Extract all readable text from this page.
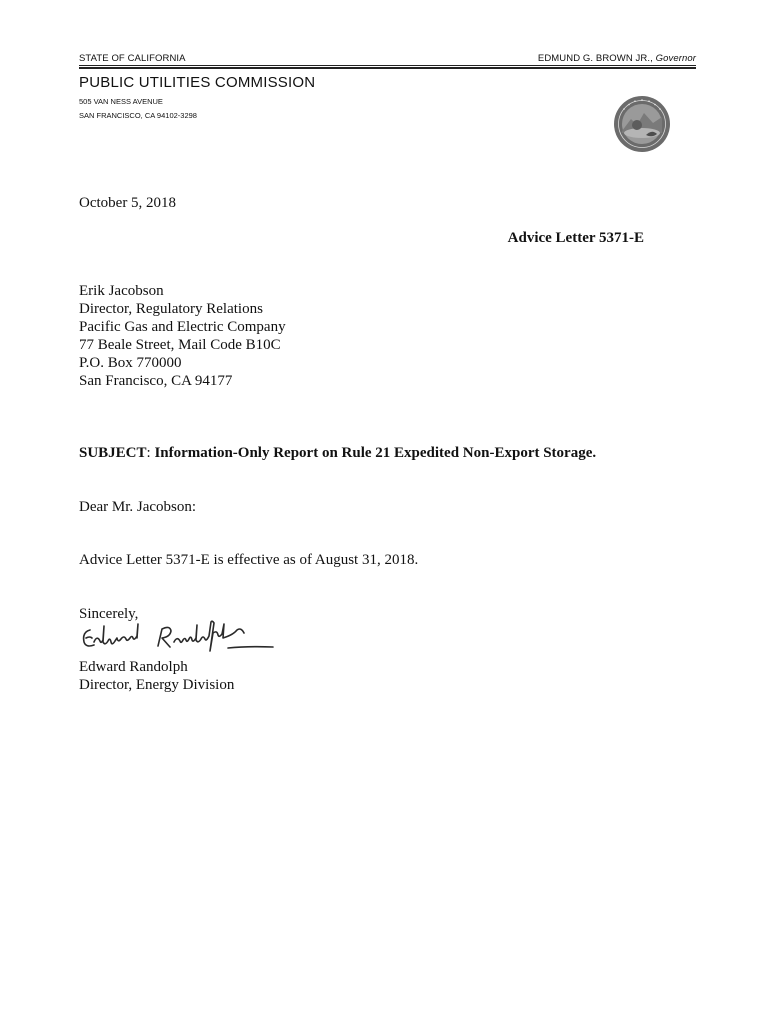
STATE OF CALIFORNIA	EDMUND G. BROWN JR., Governor
PUBLIC UTILITIES COMMISSION
505 VAN NESS AVENUE
SAN FRANCISCO, CA 94102-3298
October 5, 2018
Advice Letter 5371-E
Erik Jacobson
Director, Regulatory Relations
Pacific Gas and Electric Company
77 Beale Street, Mail Code B10C
P.O. Box 770000
San Francisco, CA 94177
SUBJECT: Information-Only Report on Rule 21 Expedited Non-Export Storage.
Dear Mr. Jacobson:
Advice Letter 5371-E is effective as of August 31, 2018.
Sincerely,
Edward Randolph
Director, Energy Division
